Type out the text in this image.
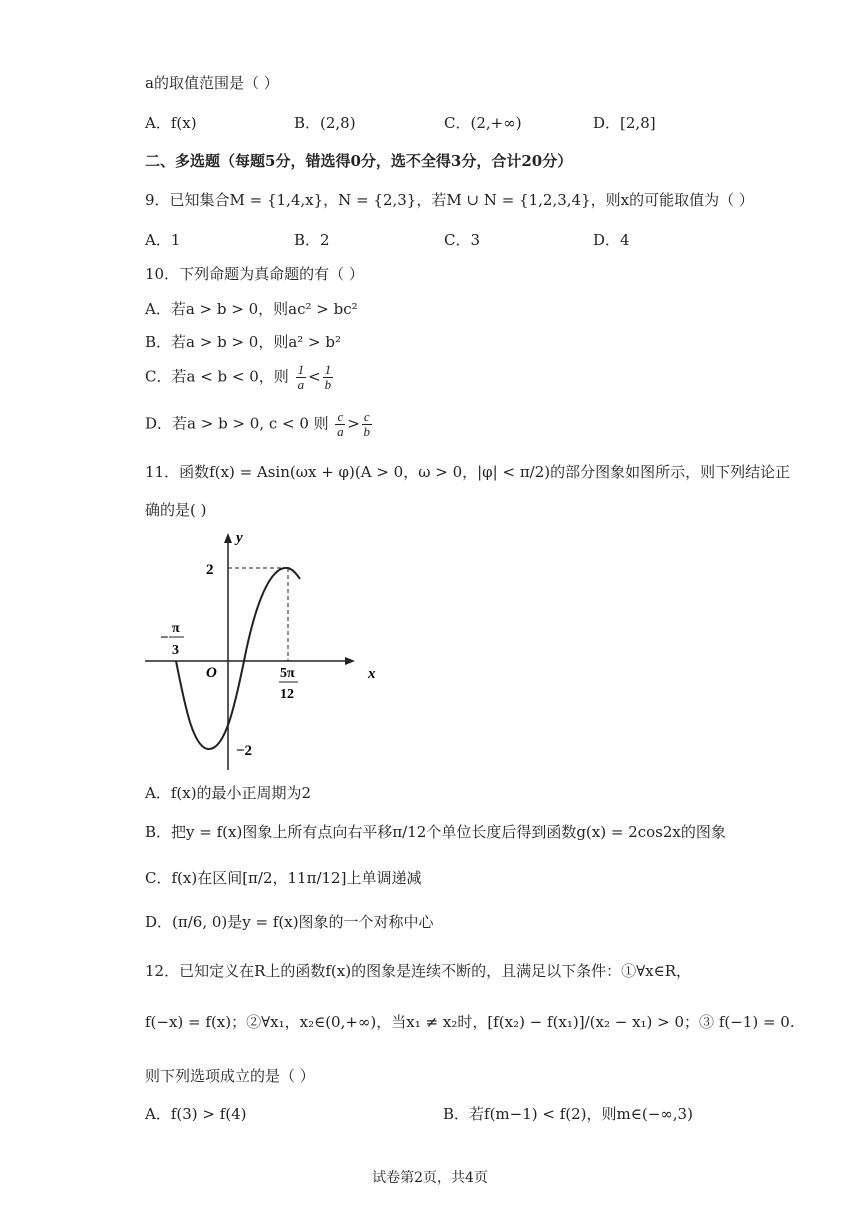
a的取值范围是（ ）
A．f(x)	B．(2,8)	C．(2,+∞)	D．[2,8]
二、多选题（每题5分，错选得0分，选不全得3分，合计20分）
9．已知集合M = {1,4,x}，N = {2,3}，若M ∪ N = {1,2,3,4}，则x的可能取值为（ ）
A．1	B．2	C．3	D．4
10．下列命题为真命题的有（ ）
A．若a > b > 0，则ac² > bc²
B．若a > b > 0，则a² > b²
C．若a < b < 0，则 $\frac{1}{a} < \frac{1}{b}$
D．若a > b > 0, c < 0 则 $\frac{c}{a} > \frac{c}{b}$
11．函数f(x) = Asin(ωx + φ)(A > 0，ω > 0，|φ| < π/2)的部分图象如图所示，则下列结论正
确的是( )
y
x
O
2
−2
−
π
3
5π
12
A．f(x)的最小正周期为2
B．把y = f(x)图象上所有点向右平移π/12个单位长度后得到函数g(x) = 2cos2x的图象
C．f(x)在区间[π/2，11π/12]上单调递减
D．(π/6, 0)是y = f(x)图象的一个对称中心
12．已知定义在R上的函数f(x)的图象是连续不断的，且满足以下条件：①∀x∈R，
f(−x) = f(x)；②∀x₁，x₂∈(0,+∞)，当x₁ ≠ x₂时，[f(x₂) − f(x₁)]/(x₂ − x₁) > 0；③ f(−1) = 0.
则下列选项成立的是（ ）
A．f(3) > f(4)	B．若f(m−1) < f(2)，则m∈(−∞,3)
试卷第2页，共4页
